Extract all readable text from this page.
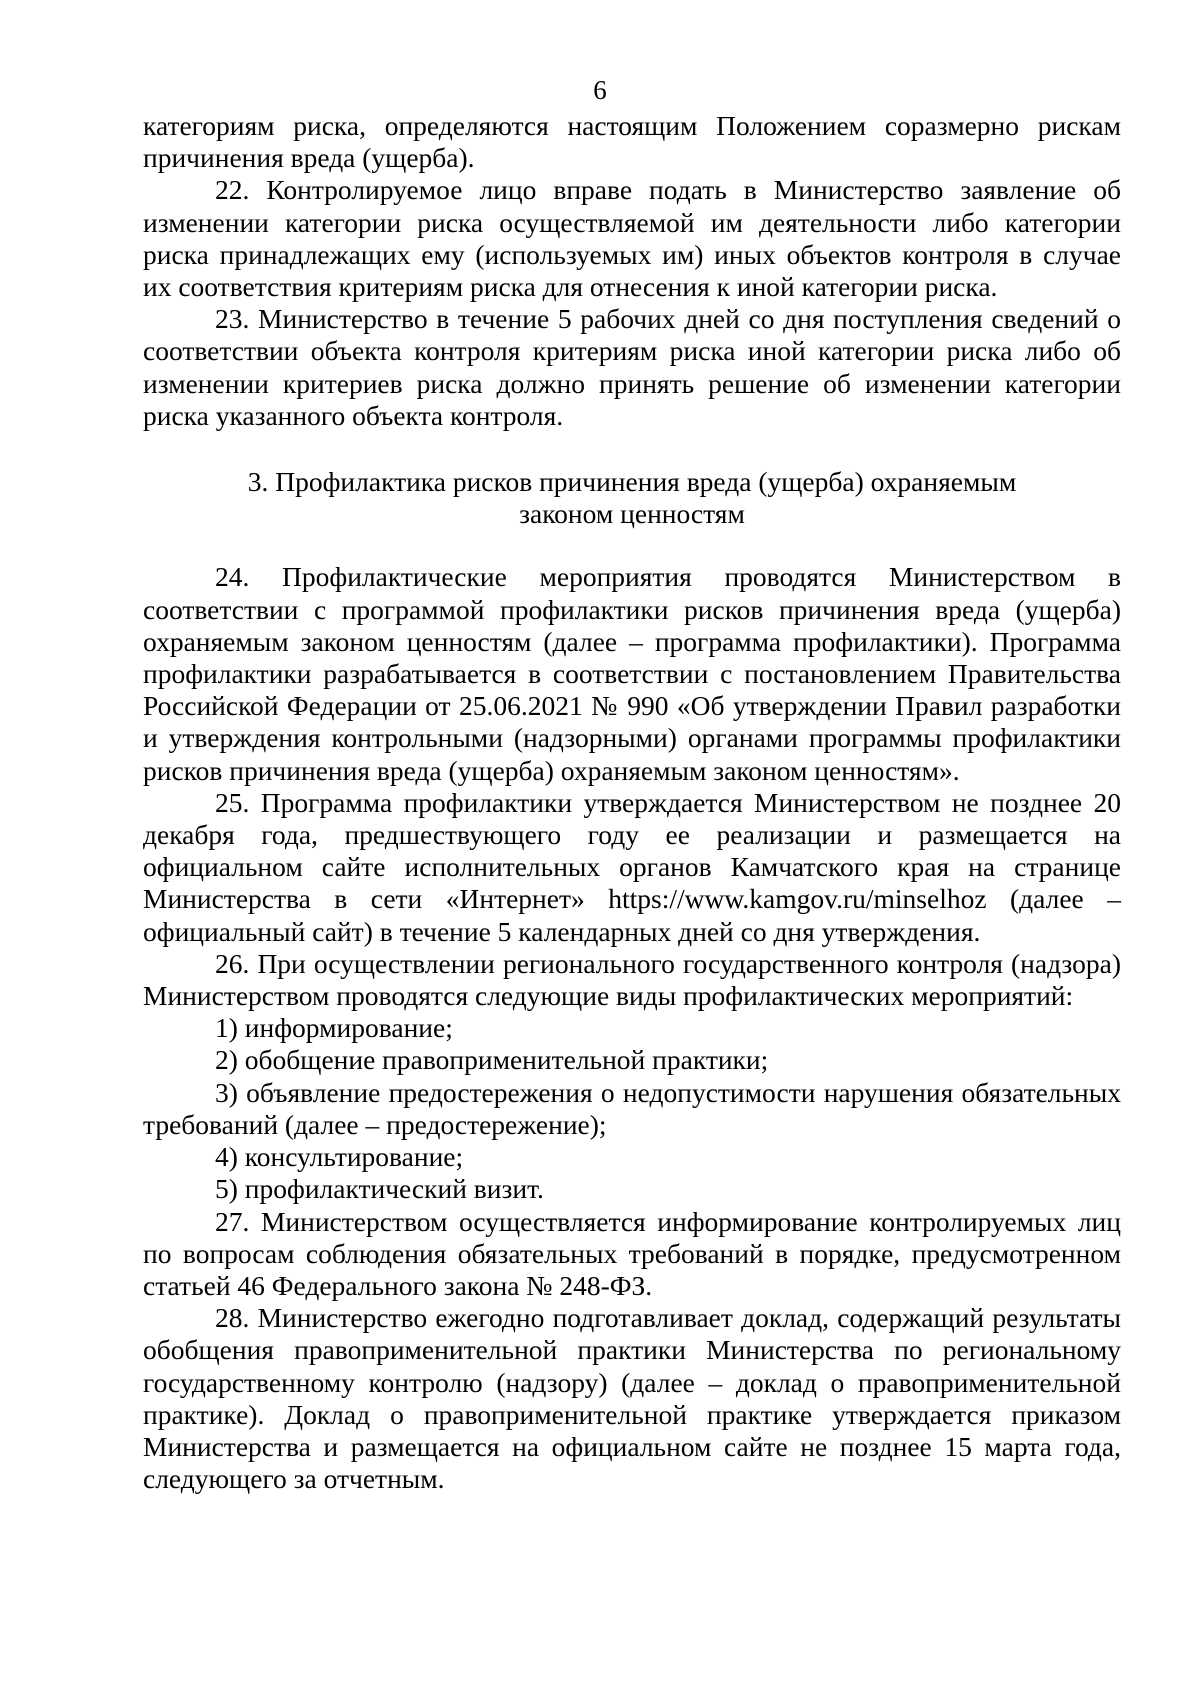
6

категориям риска, определяются настоящим Положением соразмерно рискам причинения вреда (ущерба).

22. Контролируемое лицо вправе подать в Министерство заявление об изменении категории риска осуществляемой им деятельности либо категории риска принадлежащих ему (используемых им) иных объектов контроля в случае их соответствия критериям риска для отнесения к иной категории риска.

23. Министерство в течение 5 рабочих дней со дня поступления сведений о соответствии объекта контроля критериям риска иной категории риска либо об изменении критериев риска должно принять решение об изменении категории риска указанного объекта контроля.

3. Профилактика рисков причинения вреда (ущерба) охраняемым
законом ценностям

24. Профилактические мероприятия проводятся Министерством в соответствии с программой профилактики рисков причинения вреда (ущерба) охраняемым законом ценностям (далее – программа профилактики). Программа профилактики разрабатывается в соответствии с постановлением Правительства Российской Федерации от 25.06.2021 № 990 «Об утверждении Правил разработки и утверждения контрольными (надзорными) органами программы профилактики рисков причинения вреда (ущерба) охраняемым законом ценностям».

25. Программа профилактики утверждается Министерством не позднее 20 декабря года, предшествующего году ее реализации и размещается на официальном сайте исполнительных органов Камчатского края на странице Министерства в сети «Интернет» https://www.kamgov.ru/minselhoz (далее – официальный сайт) в течение 5 календарных дней со дня утверждения.

26. При осуществлении регионального государственного контроля (надзора) Министерством проводятся следующие виды профилактических мероприятий:

1) информирование;

2) обобщение правоприменительной практики;

3) объявление предостережения о недопустимости нарушения обязательных требований (далее – предостережение);

4) консультирование;

5) профилактический визит.

27. Министерством осуществляется информирование контролируемых лиц по вопросам соблюдения обязательных требований в порядке, предусмотренном статьей 46 Федерального закона № 248-ФЗ.

28. Министерство ежегодно подготавливает доклад, содержащий результаты обобщения правоприменительной практики Министерства по региональному государственному контролю (надзору) (далее – доклад о правоприменительной практике). Доклад о правоприменительной практике утверждается приказом Министерства и размещается на официальном сайте не позднее 15 марта года, следующего за отчетным.
